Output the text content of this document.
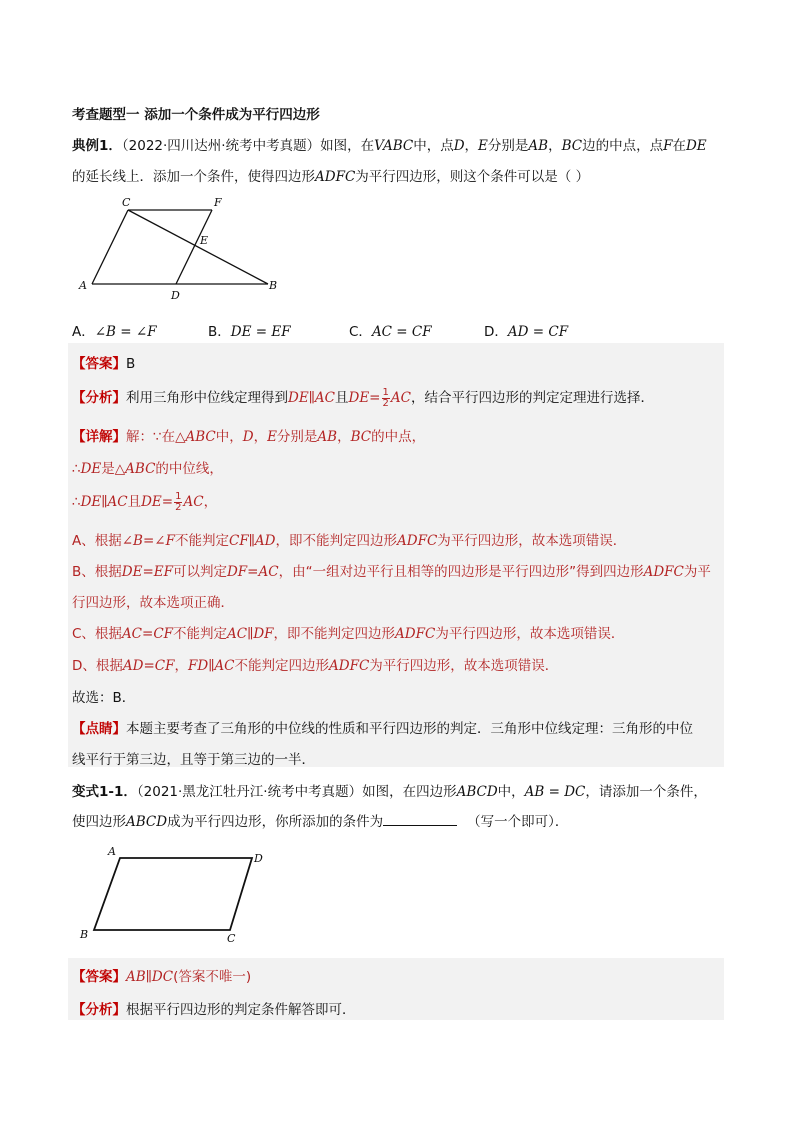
考查题型一 添加一个条件成为平行四边形
典例1．（2022·四川达州·统考中考真题）如图，在VABC中，点D，E分别是AB，BC边的中点，点F在DE
的延长线上．添加一个条件，使得四边形ADFC为平行四边形，则这个条件可以是（ ）
C	F
E
A
D
B
A．∠B = ∠F	B．DE = EF	C．AC = CF	D．AD = CF
【答案】B
【分析】利用三角形中位线定理得到DE∥AC且$DE= \frac{1}{2}$ AC，结合平行四边形的判定定理进行选择．
【详解】解：∵在△ABC中，D，E分别是AB，BC的中点，
∴DE是△ABC的中位线，
∴DE∥AC且$DE= \frac{1}{2}$ AC，
A、根据∠B=∠F不能判定CF∥AD，即不能判定四边形ADFC为平行四边形，故本选项错误．
B、根据DE=EF可以判定DF=AC，由“一组对边平行且相等的四边形是平行四边形”得到四边形ADFC为平
行四边形，故本选项正确．
C、根据AC=CF不能判定AC∥DF，即不能判定四边形ADFC为平行四边形，故本选项错误．
D、根据AD=CF，FD∥AC不能判定四边形ADFC为平行四边形，故本选项错误．
故选：B．
【点睛】本题主要考查了三角形的中位线的性质和平行四边形的判定．三角形中位线定理：三角形的中位
线平行于第三边，且等于第三边的一半．
变式1-1．（2021·黑龙江牡丹江·统考中考真题）如图，在四边形ABCD中，AB = DC，请添加一个条件，
使四边形ABCD成为平行四边形，你所添加的条件为	（写一个即可）．
A
D
B	C
【答案】AB∥DC(答案不唯一)
【分析】根据平行四边形的判定条件解答即可．
